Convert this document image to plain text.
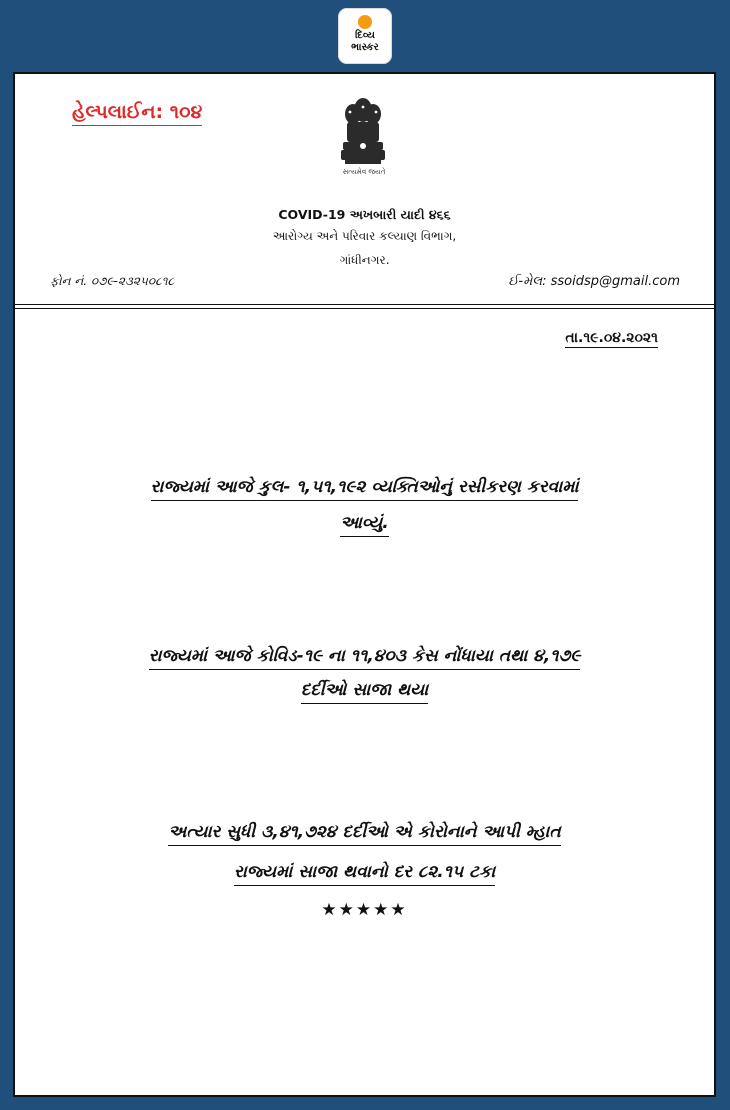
દિવ્ય
ભાસ્કર
હેલ્પલાઈન: ૧૦૪
સત્યમેવ જયતે
COVID-19 અખબારી યાદી ૪૬૬
આરોગ્ય અને પરિવાર કલ્યાણ વિભાગ,
ગાંધીનગર.
ફોન નં. ૦૭૯-૨૩૨૫૦૮૧૮	ઈ-મેલ: ssoidsp@gmail.com
તા.૧૯.૦૪.૨૦૨૧
રાજ્યમાં આજે કુલ- ૧,૫૧,૧૯૨ વ્યક્તિઓનું રસીકરણ કરવામાં
આવ્યું.
રાજ્યમાં આજે કોવિડ-૧૯ ના ૧૧,૪૦૩ કેસ નોંધાયા તથા ૪,૧૭૯
દર્દીઓ સાજા થયા
અત્યાર સુધી ૩,૪૧,૭૨૪ દર્દીઓ એ કોરોનાને આપી મ્હાત
રાજ્યમાં સાજા થવાનો દર ૮૨.૧૫ ટકા
★★★★★
